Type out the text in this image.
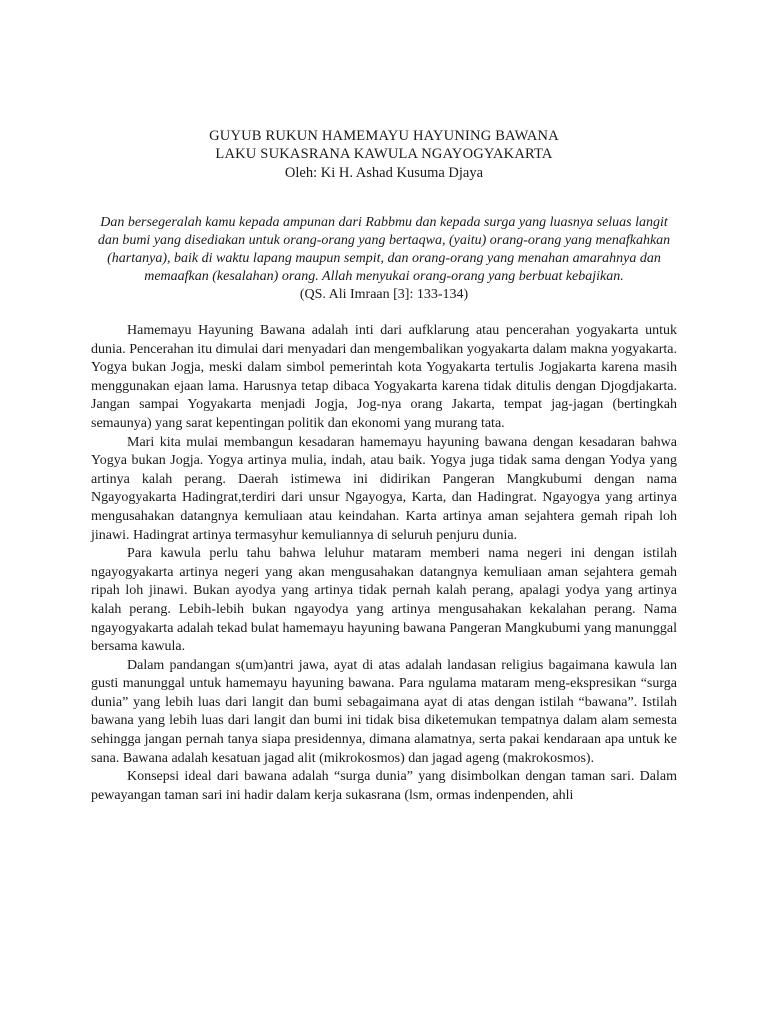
GUYUB RUKUN HAMEMAYU HAYUNING BAWANA
LAKU SUKASRANA KAWULA NGAYOGYAKARTA
Oleh: Ki H. Ashad Kusuma Djaya
Dan bersegeralah kamu kepada ampunan dari Rabbmu dan kepada surga yang luasnya seluas langit dan bumi yang disediakan untuk orang-orang yang bertaqwa, (yaitu) orang-orang yang menafkahkan (hartanya), baik di waktu lapang maupun sempit, dan orang-orang yang menahan amarahnya dan memaafkan (kesalahan) orang. Allah menyukai orang-orang yang berbuat kebajikan.
(QS. Ali Imraan [3]: 133-134)

Hamemayu Hayuning Bawana adalah inti dari aufklarung atau pencerahan yogyakarta untuk dunia. Pencerahan itu dimulai dari menyadari dan mengembalikan yogyakarta dalam makna yogyakarta. Yogya bukan Jogja, meski dalam simbol pemerintah kota Yogyakarta tertulis Jogjakarta karena masih menggunakan ejaan lama. Harusnya tetap dibaca Yogyakarta karena tidak ditulis dengan Djogdjakarta. Jangan sampai Yogyakarta menjadi Jogja, Jog-nya orang Jakarta, tempat jag-jagan (bertingkah semaunya) yang sarat kepentingan politik dan ekonomi yang murang tata.

Mari kita mulai membangun kesadaran hamemayu hayuning bawana dengan kesadaran bahwa Yogya bukan Jogja. Yogya artinya mulia, indah, atau baik. Yogya juga tidak sama dengan Yodya yang artinya kalah perang. Daerah istimewa ini didirikan Pangeran Mangkubumi dengan nama Ngayogyakarta Hadingrat,terdiri dari unsur Ngayogya, Karta, dan Hadingrat. Ngayogya yang artinya mengusahakan datangnya kemuliaan atau keindahan. Karta artinya aman sejahtera gemah ripah loh jinawi. Hadingrat artinya termasyhur kemuliannya di seluruh penjuru dunia.

Para kawula perlu tahu bahwa leluhur mataram memberi nama negeri ini dengan istilah ngayogyakarta artinya negeri yang akan mengusahakan datangnya kemuliaan aman sejahtera gemah ripah loh jinawi. Bukan ayodya yang artinya tidak pernah kalah perang, apalagi yodya yang artinya kalah perang. Lebih-lebih bukan ngayodya yang artinya mengusahakan kekalahan perang. Nama ngayogyakarta adalah tekad bulat hamemayu hayuning bawana Pangeran Mangkubumi yang manunggal bersama kawula.

Dalam pandangan s(um)antri jawa, ayat di atas adalah landasan religius bagaimana kawula lan gusti manunggal untuk hamemayu hayuning bawana. Para ngulama mataram meng-ekspresikan “surga dunia” yang lebih luas dari langit dan bumi sebagaimana ayat di atas dengan istilah “bawana”. Istilah bawana yang lebih luas dari langit dan bumi ini tidak bisa diketemukan tempatnya dalam alam semesta sehingga jangan pernah tanya siapa presidennya, dimana alamatnya, serta pakai kendaraan apa untuk ke sana. Bawana adalah kesatuan jagad alit (mikrokosmos) dan jagad ageng (makrokosmos).

Konsepsi ideal dari bawana adalah “surga dunia” yang disimbolkan dengan taman sari. Dalam pewayangan taman sari ini hadir dalam kerja sukasrana (lsm, ormas indenpenden, ahli
